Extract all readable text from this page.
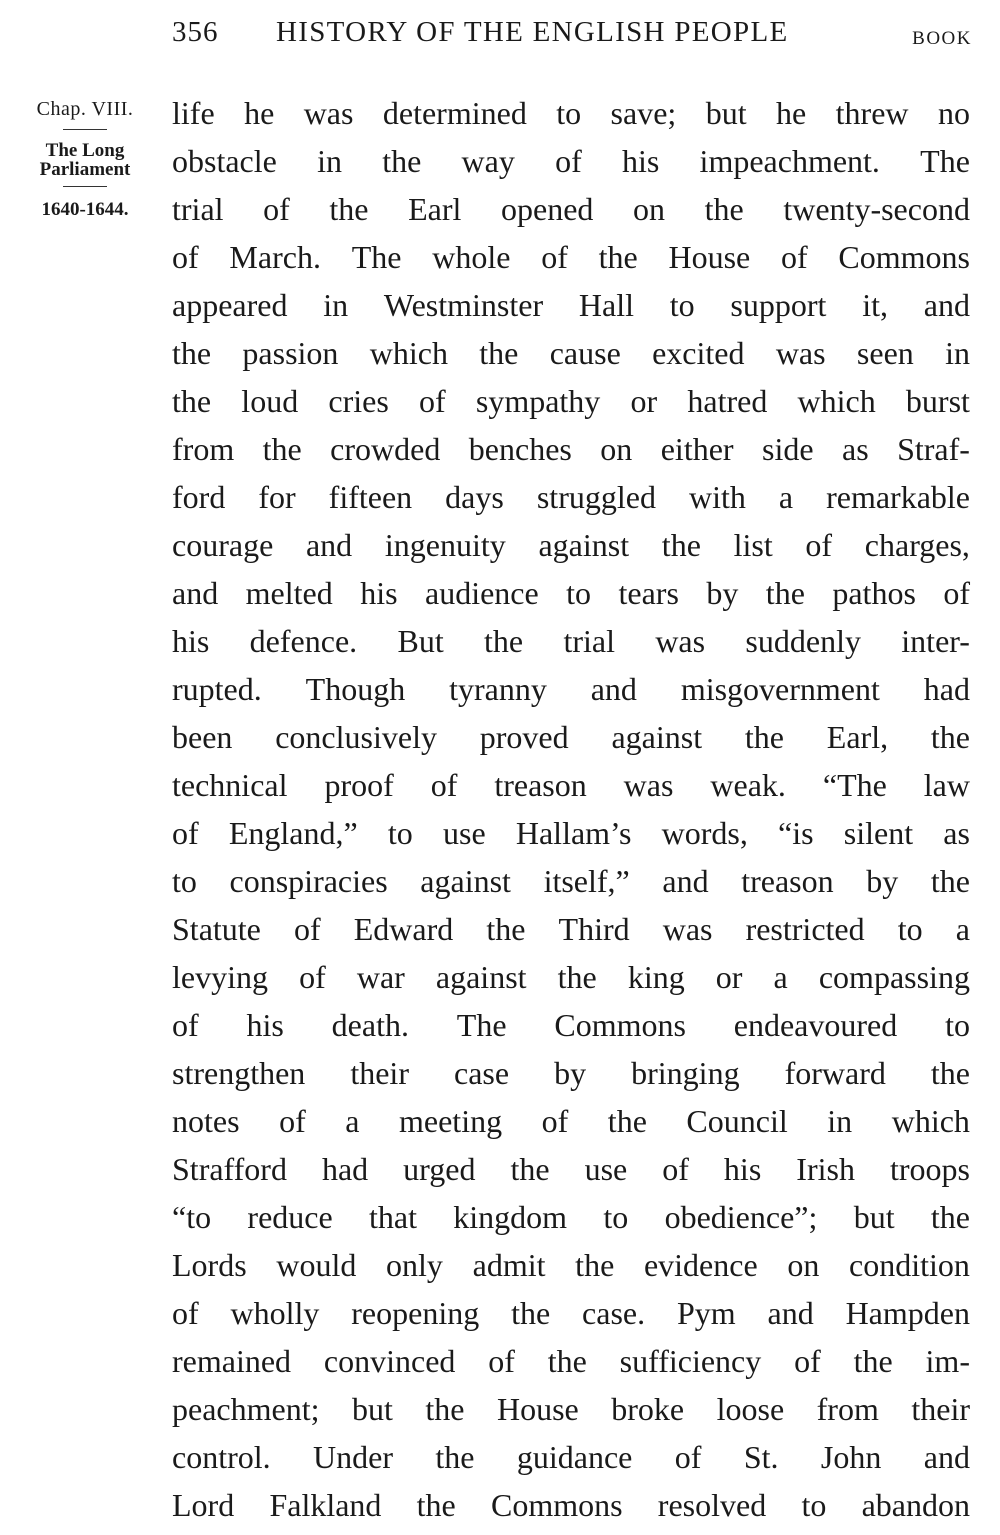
356 HISTORY OF THE ENGLISH PEOPLE	BOOK
Chap. VIII.
The Long
Parliament
1640-1644.
life he was determined to save; but he threw no
obstacle in the way of his impeachment. The
trial of the Earl opened on the twenty-second
of March. The whole of the House of Commons
appeared in Westminster Hall to support it, and
the passion which the cause excited was seen in
the loud cries of sympathy or hatred which burst
from the crowded benches on either side as Straf-
ford for fifteen days struggled with a remarkable
courage and ingenuity against the list of charges,
and melted his audience to tears by the pathos of
his defence. But the trial was suddenly inter-
rupted. Though tyranny and misgovernment had
been conclusively proved against the Earl, the
technical proof of treason was weak. “The law
of England,” to use Hallam’s words, “is silent as
to conspiracies against itself,” and treason by the
Statute of Edward the Third was restricted to a
levying of war against the king or a compassing
of his death. The Commons endeavoured to
strengthen their case by bringing forward the
notes of a meeting of the Council in which
Strafford had urged the use of his Irish troops
“to reduce that kingdom to obedience”; but the
Lords would only admit the evidence on condition
of wholly reopening the case. Pym and Hampden
remained convinced of the sufficiency of the im-
peachment; but the House broke loose from their
control. Under the guidance of St. John and
Lord Falkland the Commons resolved to abandon
